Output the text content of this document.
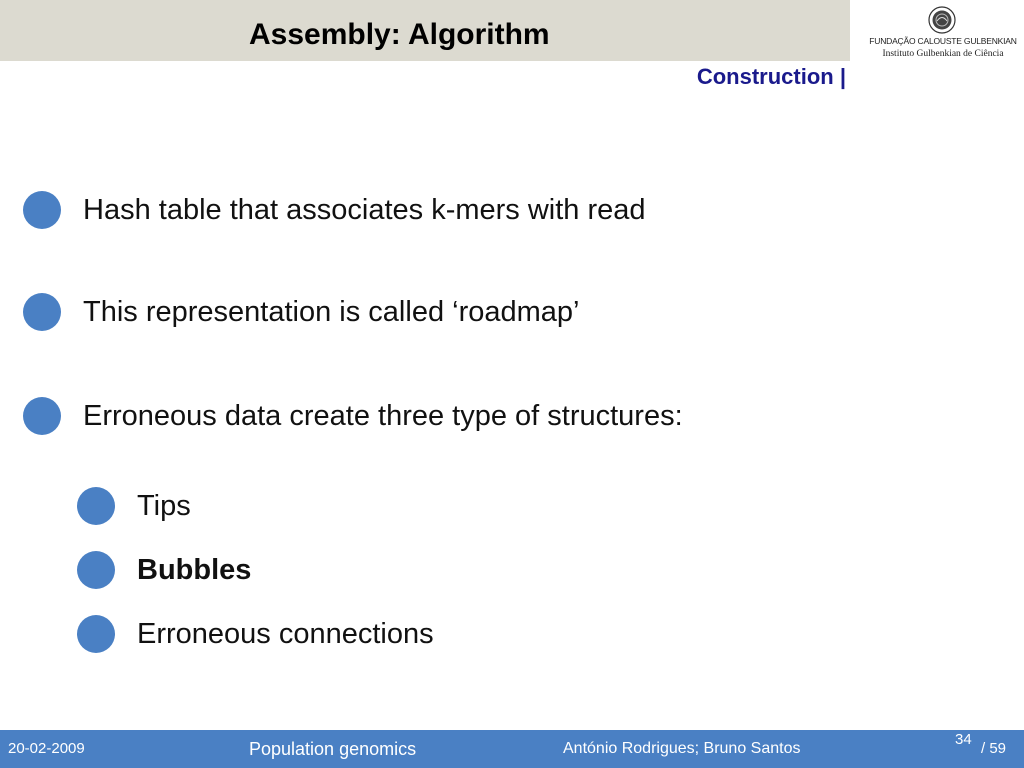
Assembly: Algorithm	FUNDAÇÃO CALOUSTE GULBENKIAN
Instituto Gulbenkian de Ciência
Construction |
Hash table that associates k-mers with read
This representation is called ‘roadmap’
Erroneous data create three type of structures:
Tips
Bubbles
Erroneous connections
20-02-2009	Population genomics	António Rodrigues; Bruno Santos
34
/ 59
